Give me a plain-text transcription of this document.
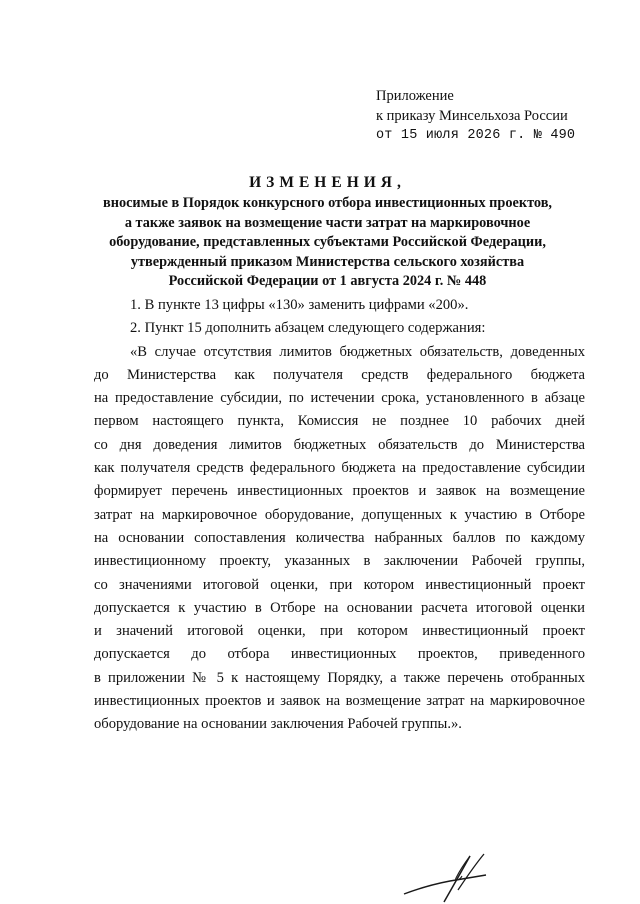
Приложение
к приказу Минсельхоза России
от 15 июля 2026 г. № 490
ИЗМЕНЕНИЯ,
вносимые в Порядок конкурсного отбора инвестиционных проектов,
а также заявок на возмещение части затрат на маркировочное
оборудование, представленных субъектами Российской Федерации,
утвержденный приказом Министерства сельского хозяйства
Российской Федерации от 1 августа 2024 г. № 448
1. В пункте 13 цифры «130» заменить цифрами «200».
2. Пункт 15 дополнить абзацем следующего содержания:
«В случае отсутствия лимитов бюджетных обязательств, доведенных
до Министерства как получателя средств федерального бюджета
на предоставление субсидии, по истечении срока, установленного в абзаце
первом настоящего пункта, Комиссия не позднее 10 рабочих дней
со дня доведения лимитов бюджетных обязательств до Министерства
как получателя средств федерального бюджета на предоставление субсидии
формирует перечень инвестиционных проектов и заявок на возмещение
затрат на маркировочное оборудование, допущенных к участию в Отборе
на основании сопоставления количества набранных баллов по каждому
инвестиционному проекту, указанных в заключении Рабочей группы,
со значениями итоговой оценки, при котором инвестиционный проект
допускается к участию в Отборе на основании расчета итоговой оценки
и значений итоговой оценки, при котором инвестиционный проект
допускается до отбора инвестиционных проектов, приведенного
в приложении № 5 к настоящему Порядку, а также перечень отобранных
инвестиционных проектов и заявок на возмещение затрат на маркировочное
оборудование на основании заключения Рабочей группы.».
